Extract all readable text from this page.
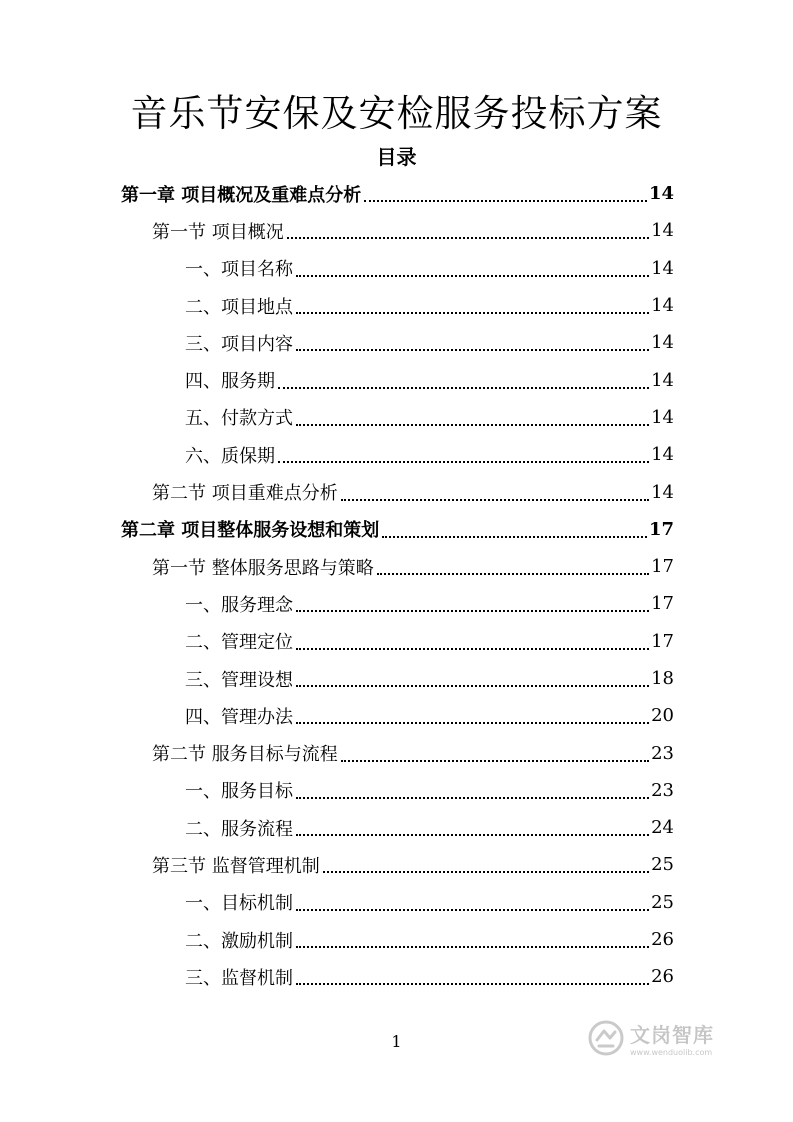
音乐节安保及安检服务投标方案
目录
第一章 项目概况及重难点分析	14
第一节 项目概况	14
一、项目名称	14
二、项目地点	14
三、项目内容	14
四、服务期	14
五、付款方式	14
六、质保期	14
第二节 项目重难点分析	14
第二章 项目整体服务设想和策划	17
第一节 整体服务思路与策略	17
一、服务理念	17
二、管理定位	17
三、管理设想	18
四、管理办法	20
第二节 服务目标与流程	23
一、服务目标	23
二、服务流程	24
第三节 监督管理机制	25
一、目标机制	25
二、激励机制	26
三、监督机制	26
1	文岗智库
www.wenduolib.com
